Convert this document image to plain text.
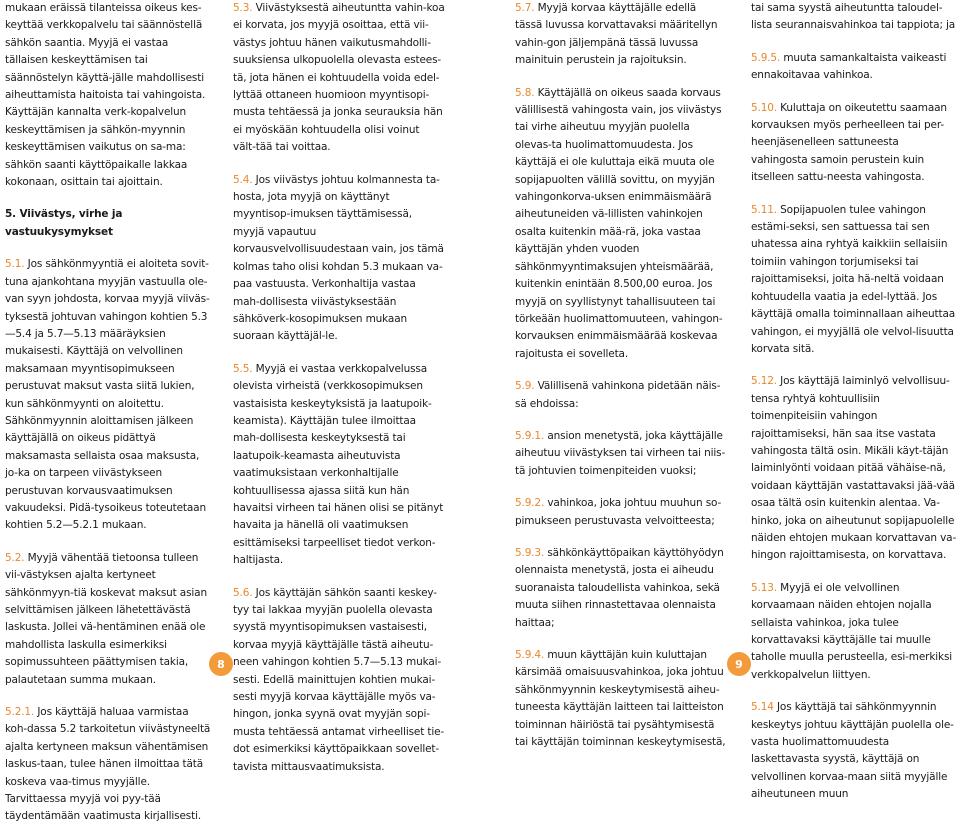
mukaan eräissä tilanteissa oikeus kes-keyttää verkkopalvelu tai säännöstellä sähkön saantia. Myyjä ei vastaa tällaisen keskeyttämisen tai säännöstelyn käyttä-jälle mahdollisesti aiheuttamista haitoista tai vahingoista. Käyttäjän kannalta verk-kopalvelun keskeyttämisen ja sähkön-myynnin keskeyttämisen vaikutus on sa-ma: sähkön saanti käyttöpaikalle lakkaa kokonaan, osittain tai ajoittain.

5. Viivästys, virhe ja vastuukysymykset

5.1. Jos sähkönmyyntiä ei aloiteta sovit-tuna ajankohtana myyjän vastuulla ole-van syyn johdosta, korvaa myyjä viiväs-tyksestä johtuvan vahingon kohtien 5.3—5.4 ja 5.7—5.13 määräyksien mukaisesti. Käyttäjä on velvollinen maksamaan myyntisopimukseen perustuvat maksut vasta siitä lukien, kun sähkönmyynti on aloitettu. Sähkönmyynnin aloittamisen jälkeen käyttäjällä on oikeus pidättyä maksamasta sellaista osaa maksusta, jo-ka on tarpeen viivästykseen perustuvan korvausvaatimuksen vakuudeksi. Pidä-tysoikeus toteutetaan kohtien 5.2—5.2.1 mukaan.

5.2. Myyjä vähentää tietoonsa tulleen vii-västyksen ajalta kertyneet sähkönmyyn-tiä koskevat maksut asian selvittämisen jälkeen lähetettävästä laskusta. Jollei vä-hentäminen enää ole mahdollista laskulla esimerkiksi sopimussuhteen päättymisen takia, palautetaan summa mukaan.

5.2.1. Jos käyttäjä haluaa varmistaa koh-dassa 5.2 tarkoitetun viivästyneeltä ajalta kertyneen maksun vähentämisen laskus-taan, tulee hänen ilmoittaa tätä koskeva vaa-timus myyjälle. Tarvittaessa myyjä voi pyy-tää täydentämään vaatimusta kirjallisesti.

5.3. Viivästyksestä aiheutuntta vahin-koa ei korvata, jos myyjä osoittaa, että vii-västys johtuu hänen vaikutusmahdolli-suuksiensa ulkopuolella olevasta estees-tä, jota hänen ei kohtuudella voida edel-lyttää ottaneen huomioon myyntisopi-musta tehtäessä ja jonka seurauksia hän ei myöskään kohtuudella olisi voinut vält-tää tai voittaa.

5.4. Jos viivästys johtuu kolmannesta ta-hosta, jota myyjä on käyttänyt myyntisop-imuksen täyttämisessä, myyjä vapautuu korvausvelvollisuudestaan vain, jos tämä kolmas taho olisi kohdan 5.3 mukaan va-paa vastuusta. Verkonhaltija vastaa mah-dollisesta viivästyksestään sähköverk-kosopimuksen mukaan suoraan käyttäjäl-le.

5.5. Myyjä ei vastaa verkkopalvelussa olevista virheistä (verkkosopimuksen vastaisista keskeytyksistä ja laatupoik-keamista). Käyttäjän tulee ilmoittaa mah-dollisesta keskeytyksestä tai laatupoik-keamasta aiheutuvista vaatimuksistaan verkonhaltijalle kohtuullisessa ajassa siitä kun hän havaitsi virheen tai hänen olisi se pitänyt havaita ja hänellä oli vaatimuksen esittämiseksi tarpeelliset tiedot verkon-haltijasta.

5.6. Jos käyttäjän sähkön saanti keskey-tyy tai lakkaa myyjän puolella olevasta syystä myyntisopimuksen vastaisesti, korvaa myyjä käyttäjälle tästä aiheutu-neen vahingon kohtien 5.7—5.13 mukai-sesti. Edellä mainittujen kohtien mukai-sesti myyjä korvaa käyttäjälle myös va-hingon, jonka syynä ovat myyjän sopi-musta tehtäessä antamat virheelliset tie-dot esimerkiksi käyttöpaikkaan sovellet-tavista mittausvaatimuksista.

5.7. Myyjä korvaa käyttäjälle edellä tässä luvussa korvattavaksi määritellyn vahin-gon jäljempänä tässä luvussa mainituin perustein ja rajoituksin.

5.8. Käyttäjällä on oikeus saada korvaus välillisestä vahingosta vain, jos viivästys tai virhe aiheutuu myyjän puolella olevas-ta huolimattomuudesta. Jos käyttäjä ei ole kuluttaja eikä muuta ole sopijapuolten välillä sovittu, on myyjän vahingonkorva-uksen enimmäismäärä aiheutuneiden vä-lillisten vahinkojen osalta kuitenkin mää-rä, joka vastaa käyttäjän yhden vuoden sähkönmyyntimaksujen yhteismäärää, kuitenkin enintään 8.500,00 euroa. Jos myyjä on syyllistynyt tahallisuuteen tai törkeään huolimattomuuteen, vahingon-korvauksen enimmäismäärää koskevaa rajoitusta ei sovelleta.

5.9. Välillisenä vahinkona pidetään näis-sä ehdoissa:

5.9.1. ansion menetystä, joka käyttäjälle aiheutuu viivästyksen tai virheen tai niis-tä johtuvien toimenpiteiden vuoksi;

5.9.2. vahinkoa, joka johtuu muuhun so-pimukseen perustuvasta velvoitteesta;

5.9.3. sähkönkäyttöpaikan käyttöhyödyn olennaista menetystä, josta ei aiheudu suoranaista taloudellista vahinkoa, sekä muuta siihen rinnastettavaa olennaista haittaa;

5.9.4. muun käyttäjän kuin kuluttajan kärsimää omaisuusvahinkoa, joka johtuu sähkönmyynnin keskeytymisestä aiheu-tuneesta käyttäjän laitteen tai laitteiston toiminnan häiriöstä tai pysähtymisestä tai käyttäjän toiminnan keskeytymisestä,

tai sama syystä aiheutuntta taloudel-lista seurannaisvahinkoa tai tappiota; ja

5.9.5. muuta samankaltaista vaikeasti ennakoitavaa vahinkoa.

5.10. Kuluttaja on oikeutettu saamaan korvauksen myös perheelleen tai per-heenjäsenelleen sattuneesta vahingosta samoin perustein kuin itselleen sattu-neesta vahingosta.

5.11. Sopijapuolen tulee vahingon estämi-seksi, sen sattuessa tai sen uhatessa aina ryhtyä kaikkiin sellaisiin toimiin vahingon torjumiseksi tai rajoittamiseksi, joita hä-neltä voidaan kohtuudella vaatia ja edel-lyttää. Jos käyttäjä omalla toiminnallaan aiheuttaa vahingon, ei myyjällä ole velvol-lisuutta korvata sitä.

5.12. Jos käyttäjä laiminlyö velvollisuu-tensa ryhtyä kohtuullisiin toimenpiteisiin vahingon rajoittamiseksi, hän saa itse vastata vahingosta tältä osin. Mikäli käyt-täjän laiminlyönti voidaan pitää vähäise-nä, voidaan käyttäjän vastattavaksi jää-vää osaa tältä osin kuitenkin alentaa. Va-hinko, joka on aiheutunut sopijapuolelle näiden ehtojen mukaan korvattavan va-hingon rajoittamisesta, on korvattava.

5.13. Myyjä ei ole velvollinen korvaamaan näiden ehtojen nojalla sellaista vahinkoa, joka tulee korvattavaksi käyttäjälle tai muulle taholle muulla perusteella, esi-merkiksi verkkopalvelun liittyen.

5.14 Jos käyttäjä tai sähkönmyynnin keskeytys johtuu käyttäjän puolella ole-vasta huolimattomuudesta laskettavasta syystä, käyttäjä on velvollinen korvaa-maan siitä myyjälle aiheutuneen muun

8	9
